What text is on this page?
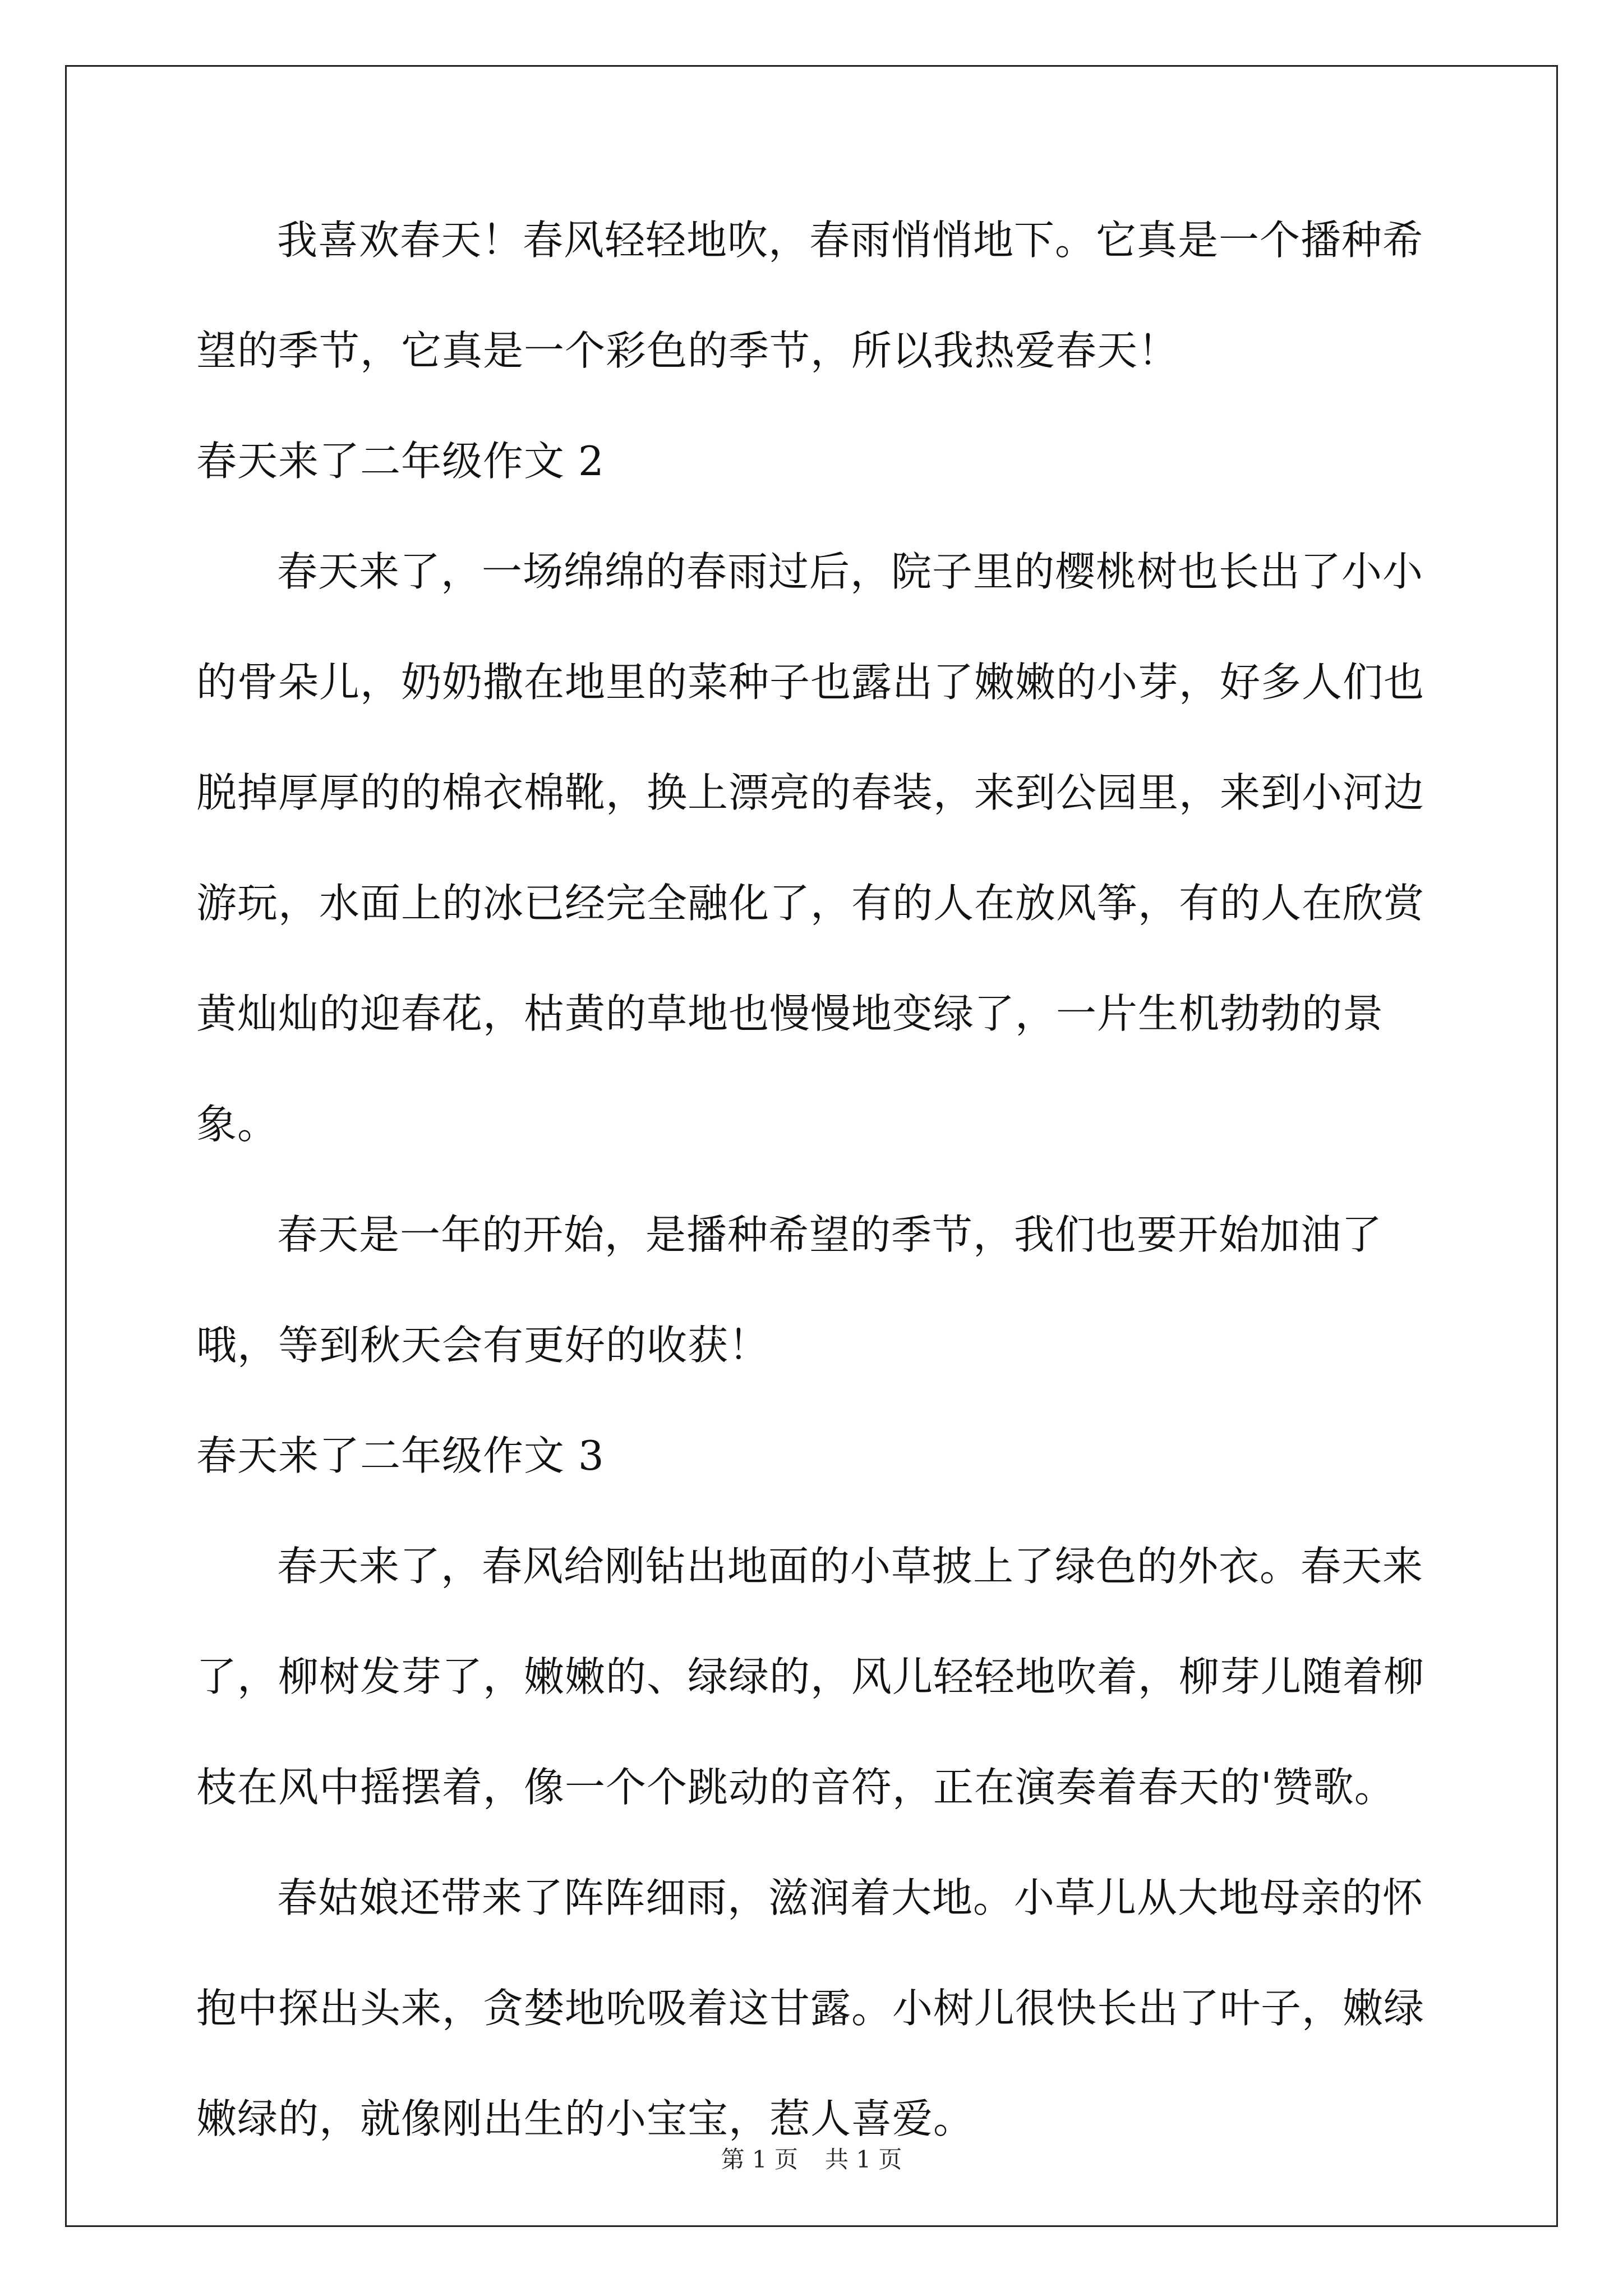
我喜欢春天！春风轻轻地吹，春雨悄悄地下。它真是一个播种希望的季节，它真是一个彩色的季节，所以我热爱春天！

春天来了二年级作文 2

春天来了，一场绵绵的春雨过后，院子里的樱桃树也长出了小小的骨朵儿，奶奶撒在地里的菜种子也露出了嫩嫩的小芽，好多人们也脱掉厚厚的的棉衣棉靴，换上漂亮的春装，来到公园里，来到小河边游玩，水面上的冰已经完全融化了，有的人在放风筝，有的人在欣赏黄灿灿的迎春花，枯黄的草地也慢慢地变绿了，一片生机勃勃的景象。

春天是一年的开始，是播种希望的季节，我们也要开始加油了哦，等到秋天会有更好的收获！

春天来了二年级作文 3

春天来了，春风给刚钻出地面的小草披上了绿色的外衣。春天来了，柳树发芽了，嫩嫩的、绿绿的，风儿轻轻地吹着，柳芽儿随着柳枝在风中摇摆着，像一个个跳动的音符，正在演奏着春天的'赞歌。

春姑娘还带来了阵阵细雨，滋润着大地。小草儿从大地母亲的怀抱中探出头来，贪婪地吮吸着这甘露。小树儿很快长出了叶子，嫩绿嫩绿的，就像刚出生的小宝宝，惹人喜爱。

第 1 页 共 1 页
